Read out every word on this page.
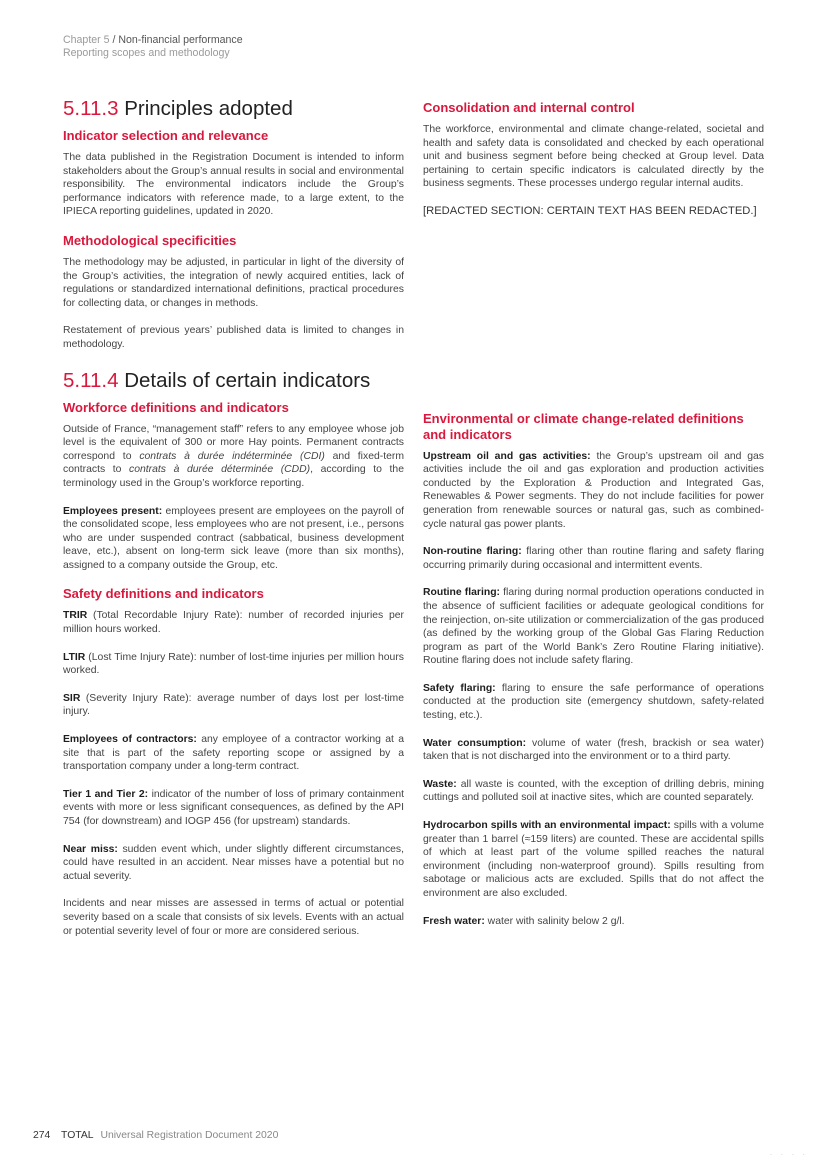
Chapter 5 / Non-financial performance
Reporting scopes and methodology
5.11.3 Principles adopted
Indicator selection and relevance

The data published in the Registration Document is intended to inform stakeholders about the Group’s annual results in social and environmental responsibility. The environmental indicators include the Group’s performance indicators with reference made, to a large extent, to the IPIECA reporting guidelines, updated in 2020.

Methodological specificities

The methodology may be adjusted, in particular in light of the diversity of the Group’s activities, the integration of newly acquired entities, lack of regulations or standardized international definitions, practical procedures for collecting data, or changes in methods.

Restatement of previous years’ published data is limited to changes in methodology.

5.11.4 Details of certain indicators
Workforce definitions and indicators

Outside of France, “management staff” refers to any employee whose job level is the equivalent of 300 or more Hay points. Permanent contracts correspond to contrats à durée indéterminée (CDI) and fixed-term contracts to contrats à durée déterminée (CDD), according to the terminology used in the Group’s workforce reporting.

Employees present: employees present are employees on the payroll of the consolidated scope, less employees who are not present, i.e., persons who are under suspended contract (sabbatical, business development leave, etc.), absent on long-term sick leave (more than six months), assigned to a company outside the Group, etc.

Safety definitions and indicators

TRIR (Total Recordable Injury Rate): number of recorded injuries per million hours worked.

LTIR (Lost Time Injury Rate): number of lost-time injuries per million hours worked.

SIR (Severity Injury Rate): average number of days lost per lost-time injury.

Employees of contractors: any employee of a contractor working at a site that is part of the safety reporting scope or assigned by a transportation company under a long-term contract.

Tier 1 and Tier 2: indicator of the number of loss of primary containment events with more or less significant consequences, as defined by the API 754 (for downstream) and IOGP 456 (for upstream) standards.

Near miss: sudden event which, under slightly different circumstances, could have resulted in an accident. Near misses have a potential but no actual severity.

Incidents and near misses are assessed in terms of actual or potential severity based on a scale that consists of six levels. Events with an actual or potential severity level of four or more are considered serious.

Consolidation and internal control

The workforce, environmental and climate change-related, societal and health and safety data is consolidated and checked by each operational unit and business segment before being checked at Group level. Data pertaining to certain specific indicators is calculated directly by the business segments. These processes undergo regular internal audits.

[REDACTED SECTION: CERTAIN TEXT HAS BEEN REDACTED.]

Environmental or climate change-related definitions and indicators

Upstream oil and gas activities: the Group’s upstream oil and gas activities include the oil and gas exploration and production activities conducted by the Exploration & Production and Integrated Gas, Renewables & Power segments. They do not include facilities for power generation from renewable sources or natural gas, such as combined-cycle natural gas power plants.

Non-routine flaring: flaring other than routine flaring and safety flaring occurring primarily during occasional and intermittent events.

Routine flaring: flaring during normal production operations conducted in the absence of sufficient facilities or adequate geological conditions for the reinjection, on-site utilization or commercialization of the gas produced (as defined by the working group of the Global Gas Flaring Reduction program as part of the World Bank’s Zero Routine Flaring initiative). Routine flaring does not include safety flaring.

Safety flaring: flaring to ensure the safe performance of operations conducted at the production site (emergency shutdown, safety-related testing, etc.).

Water consumption: volume of water (fresh, brackish or sea water) taken that is not discharged into the environment or to a third party.

Waste: all waste is counted, with the exception of drilling debris, mining cuttings and polluted soil at inactive sites, which are counted separately.

Hydrocarbon spills with an environmental impact: spills with a volume greater than 1 barrel (≈159 liters) are counted. These are accidental spills of which at least part of the volume spilled reaches the natural environment (including non-waterproof ground). Spills resulting from sabotage or malicious acts are excluded. Spills that do not affect the environment are also excluded.

Fresh water: water with salinity below 2 g/l.

274 TOTAL Universal Registration Document 2020
· · · ·
